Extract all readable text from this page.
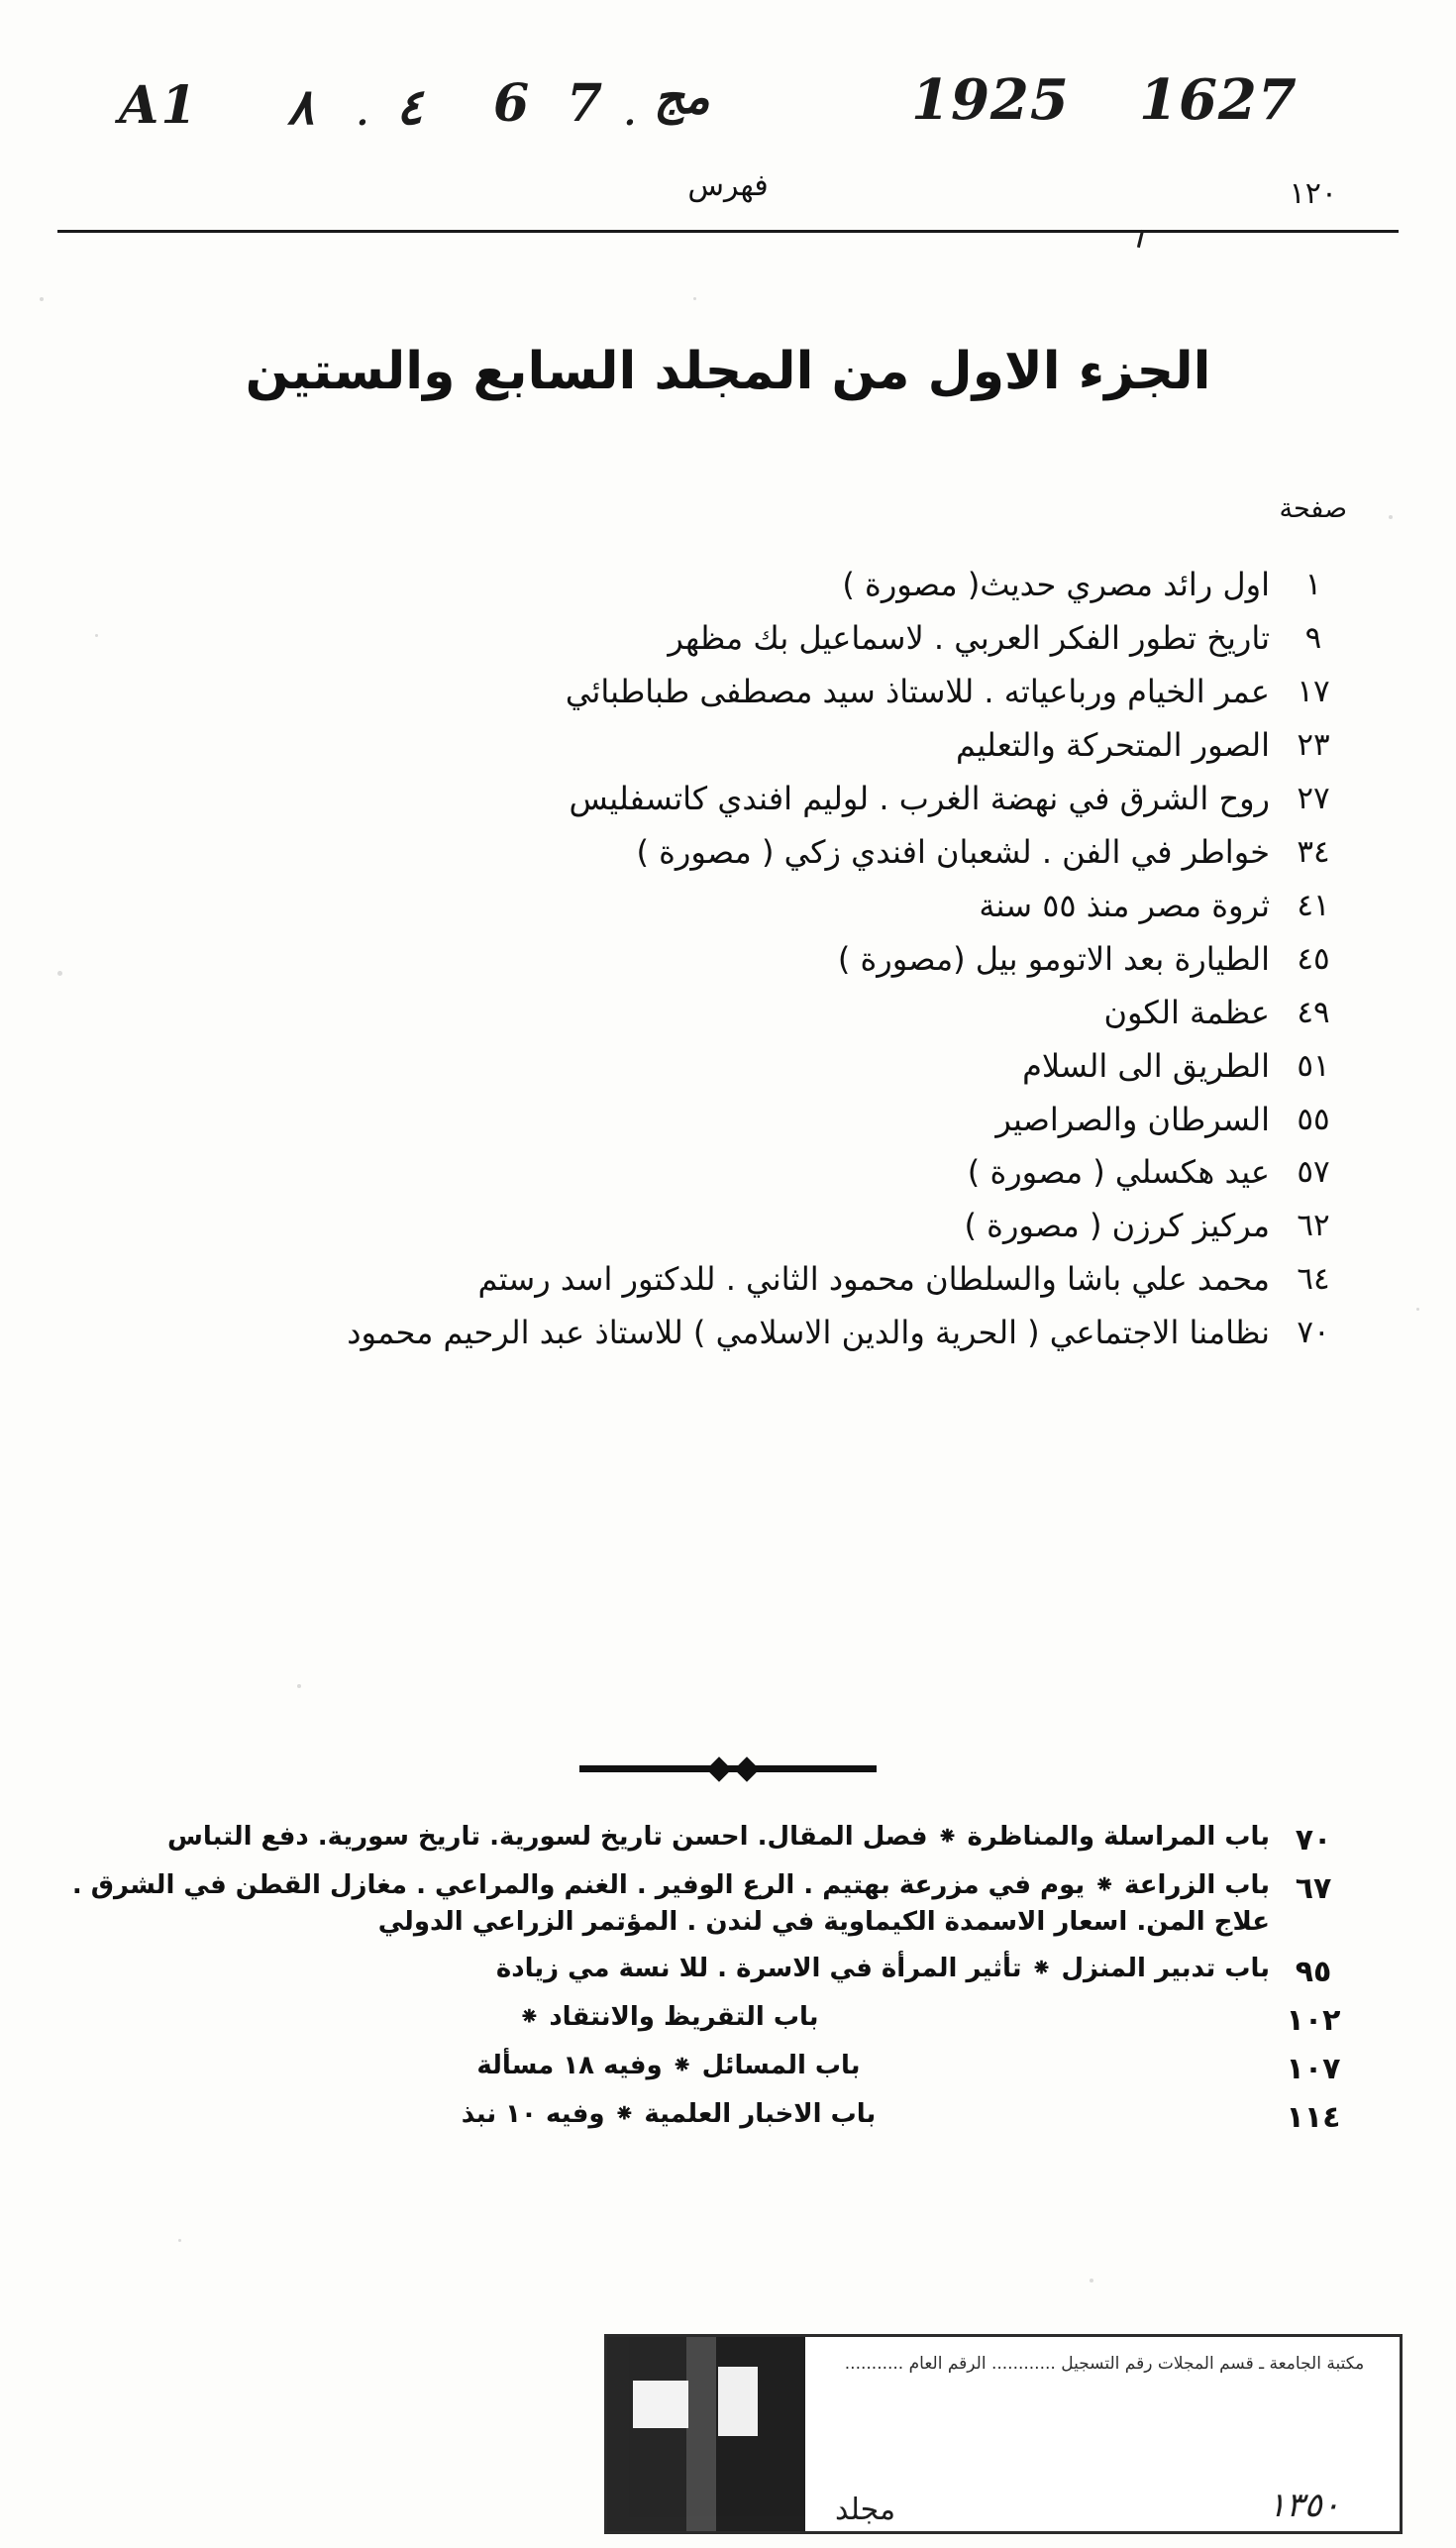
A1 ٨ · ٤ 6 7 · مج	1925 1627
فهرس	١٢٠
الجزء الاول من المجلد السابع والستين
صفحة
١
اول رائد مصري حديث( مصورة )
٩
تاريخ تطور الفكر العربي . لاسماعيل بك مظهر
١٧
عمر الخيام ورباعياته . للاستاذ سيد مصطفى طباطبائي
٢٣
الصور المتحركة والتعليم
٢٧
روح الشرق في نهضة الغرب . لوليم افندي كاتسفليس
٣٤
خواطر في الفن . لشعبان افندي زكي ( مصورة )
٤١
ثروة مصر منذ ٥٥ سنة
٤٥
الطيارة بعد الاتومو بيل (مصورة )
٤٩
عظمة الكون
٥١
الطريق الى السلام
٥٥
السرطان والصراصير
٥٧
عيد هكسلي ( مصورة )
٦٢
مركيز كرزن ( مصورة )
٦٤
محمد علي باشا والسلطان محمود الثاني . للدكتور اسد رستم
٧٠
نظامنا الاجتماعي ( الحرية والدين الاسلامي ) للاستاذ عبد الرحيم محمود
٧٠
باب المراسلة والمناظرة ⁕ فصل المقال. احسن تاريخ لسورية. تاريخ سورية. دفع التباس
٦٧
باب الزراعة ⁕ يوم في مزرعة بهتيم . الرع الوفير . الغنم والمراعي . مغازل القطن في الشرق . علاج المن. اسعار الاسمدة الكيماوية في لندن . المؤتمر الزراعي الدولي
٩٥
باب تدبير المنزل ⁕ تأثير المرأة في الاسرة . للا نسة مي زيادة
١٠٢
باب التقريظ والانتقاد ⁕
١٠٧
باب المسائل ⁕ وفيه ١٨ مسألة
١١٤
باب الاخبار العلمية ⁕ وفيه ١٠ نبذ
مكتبة الجامعة ـ قسم المجلات رقم التسجيل ............ الرقم العام ...........
١٣٥٠
مجلد
